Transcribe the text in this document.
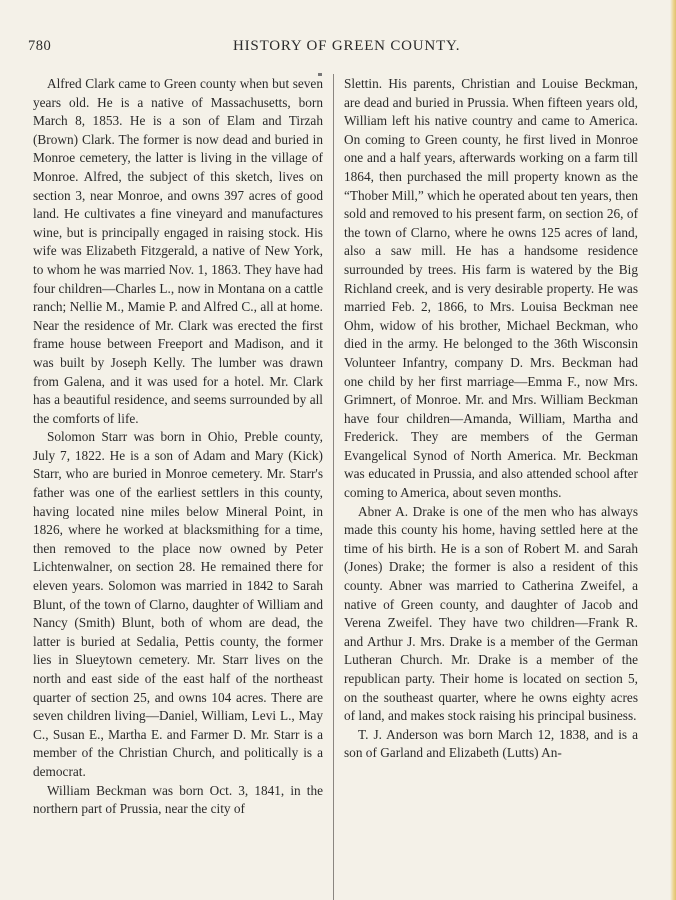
780	HISTORY OF GREEN COUNTY.

Alfred Clark came to Green county when but seven years old. He is a native of Massachusetts, born March 8, 1853. He is a son of Elam and Tirzah (Brown) Clark. The former is now dead and buried in Monroe cemetery, the latter is living in the village of Monroe. Alfred, the subject of this sketch, lives on section 3, near Monroe, and owns 397 acres of good land. He cultivates a fine vineyard and manufactures wine, but is principally engaged in raising stock. His wife was Elizabeth Fitzgerald, a native of New York, to whom he was married Nov. 1, 1863. They have had four children—Charles L., now in Montana on a cattle ranch; Nellie M., Mamie P. and Alfred C., all at home. Near the residence of Mr. Clark was erected the first frame house between Freeport and Madison, and it was built by Joseph Kelly. The lumber was drawn from Galena, and it was used for a hotel. Mr. Clark has a beautiful residence, and seems surrounded by all the comforts of life.

Solomon Starr was born in Ohio, Preble county, July 7, 1822. He is a son of Adam and Mary (Kick) Starr, who are buried in Monroe cemetery. Mr. Starr's father was one of the earliest settlers in this county, having located nine miles below Mineral Point, in 1826, where he worked at blacksmithing for a time, then removed to the place now owned by Peter Lichtenwalner, on section 28. He remained there for eleven years. Solomon was married in 1842 to Sarah Blunt, of the town of Clarno, daughter of William and Nancy (Smith) Blunt, both of whom are dead, the latter is buried at Sedalia, Pettis county, the former lies in Slueytown cemetery. Mr. Starr lives on the north and east side of the east half of the northeast quarter of section 25, and owns 104 acres. There are seven children living—Daniel, William, Levi L., May C., Susan E., Martha E. and Farmer D. Mr. Starr is a member of the Christian Church, and politically is a democrat.

William Beckman was born Oct. 3, 1841, in the northern part of Prussia, near the city of

Slettin. His parents, Christian and Louise Beckman, are dead and buried in Prussia. When fifteen years old, William left his native country and came to America. On coming to Green county, he first lived in Monroe one and a half years, afterwards working on a farm till 1864, then purchased the mill property known as the “Thober Mill,” which he operated about ten years, then sold and removed to his present farm, on section 26, of the town of Clarno, where he owns 125 acres of land, also a saw mill. He has a handsome residence surrounded by trees. His farm is watered by the Big Richland creek, and is very desirable property. He was married Feb. 2, 1866, to Mrs. Louisa Beckman nee Ohm, widow of his brother, Michael Beckman, who died in the army. He belonged to the 36th Wisconsin Volunteer Infantry, company D. Mrs. Beckman had one child by her first marriage—Emma F., now Mrs. Grimnert, of Monroe. Mr. and Mrs. William Beckman have four children—Amanda, William, Martha and Frederick. They are members of the German Evangelical Synod of North America. Mr. Beckman was educated in Prussia, and also attended school after coming to America, about seven months.

Abner A. Drake is one of the men who has always made this county his home, having settled here at the time of his birth. He is a son of Robert M. and Sarah (Jones) Drake; the former is also a resident of this county. Abner was married to Catherina Zweifel, a native of Green county, and daughter of Jacob and Verena Zweifel. They have two children—Frank R. and Arthur J. Mrs. Drake is a member of the German Lutheran Church. Mr. Drake is a member of the republican party. Their home is located on section 5, on the southeast quarter, where he owns eighty acres of land, and makes stock raising his principal business.

T. J. Anderson was born March 12, 1838, and is a son of Garland and Elizabeth (Lutts) An-
